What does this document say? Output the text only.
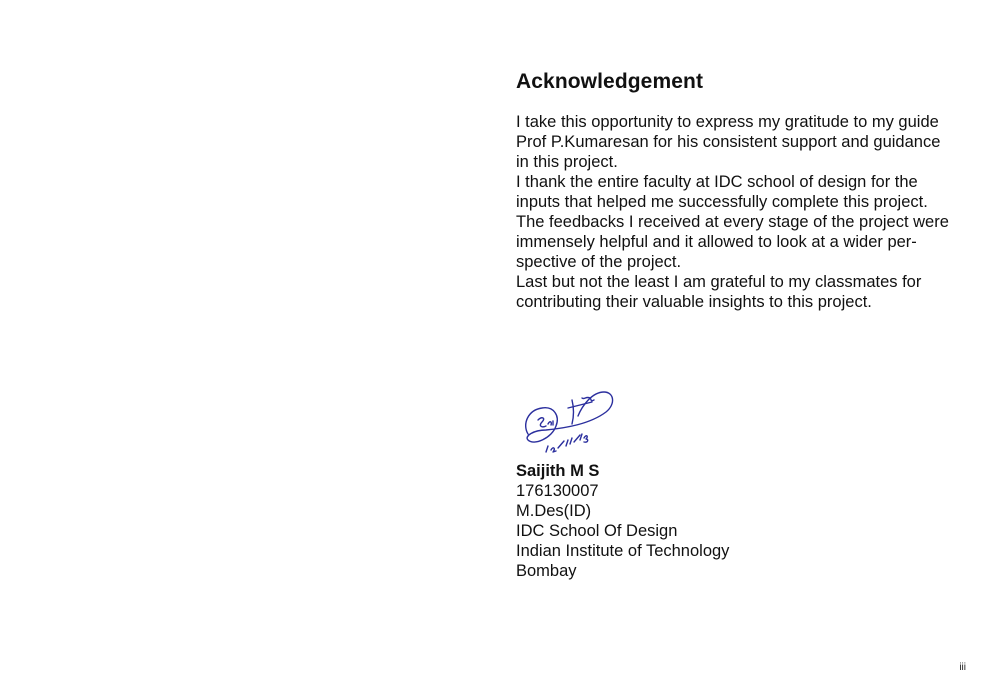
Acknowledgement

I take this opportunity to express my gratitude to my guide
Prof P.Kumaresan for his consistent support and guidance
in this project.
I thank the entire faculty at IDC school of design for the
inputs that helped me successfully complete this project.
The feedbacks I received at every stage of the project were
immensely helpful and it allowed to look at a wider per-
spective of the project.
Last but not the least I am grateful to my classmates for
contributing their valuable insights to this project.

Saijith M S
176130007
M.Des(ID)
IDC School Of Design
Indian Institute of Technology
Bombay
iii
